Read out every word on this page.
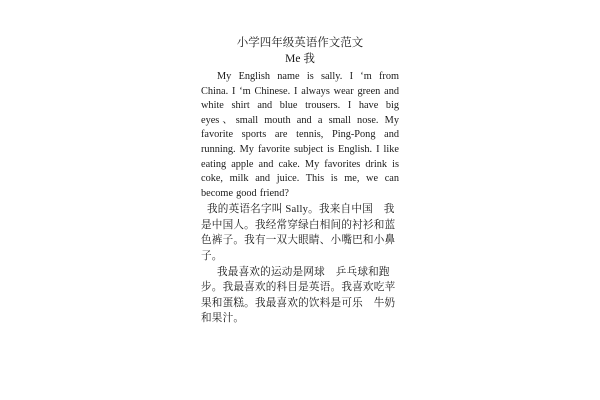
小学四年级英语作文范文

Me 我

My English name is sally. I ‘m from China. I ‘m Chinese. I always wear green and white shirt and blue trousers. I have big eyes、small mouth and a small nose. My favorite sports are tennis, Ping-Pong and running. My favorite subject is English. I like eating apple and cake. My favorites drink is coke, milk and juice. This is me, we can become good friend?

我的英语名字叫 Sally。我来自中国　我是中国人。我经常穿绿白相间的衬衫和蓝色裤子。我有一双大眼睛、小嘴巴和小鼻子。

我最喜欢的运动是网球　乒乓球和跑步。我最喜欢的科目是英语。我喜欢吃苹果和蛋糕。我最喜欢的饮料是可乐　牛奶和果汁。
